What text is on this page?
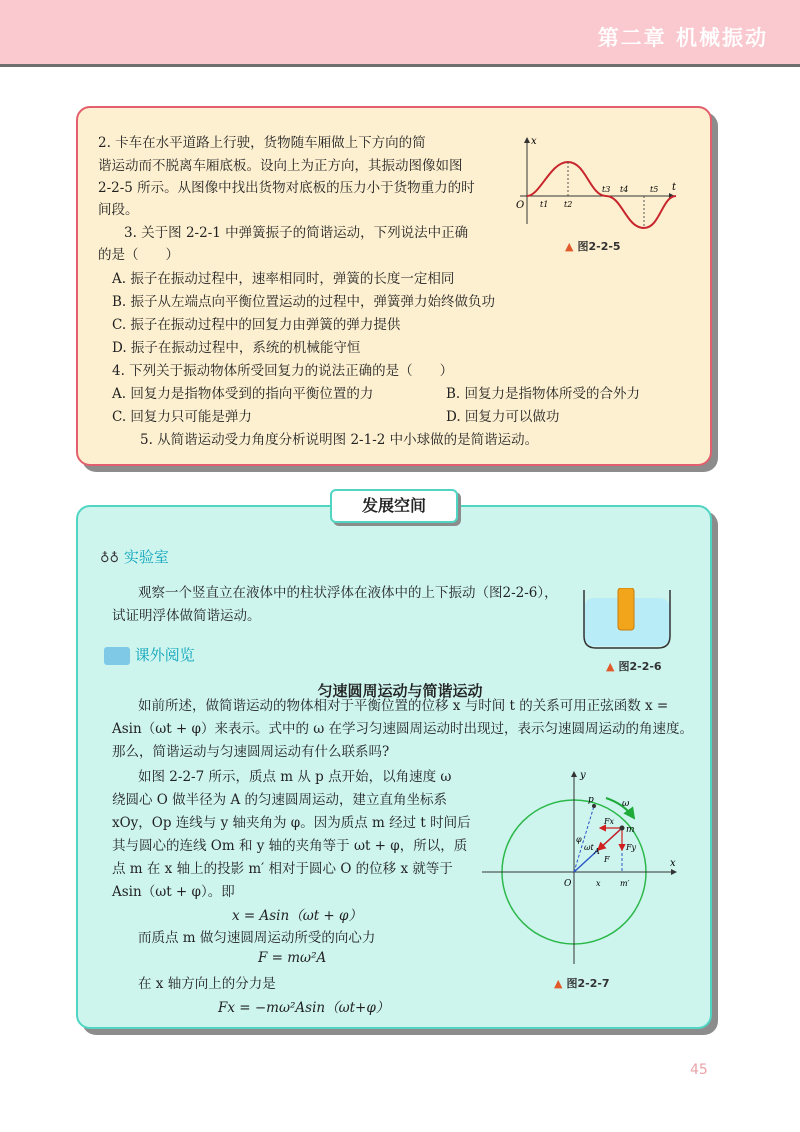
第二章 机械振动
2. 卡车在水平道路上行驶，货物随车厢做上下方向的简
谐运动而不脱离车厢底板。设向上为正方向，其振动图像如图
2-2-5 所示。从图像中找出货物对底板的压力小于货物重力的时
间段。
3. 关于图 2-2-1 中弹簧振子的简谐运动，下列说法中正确
的是（　　）
A. 振子在振动过程中，速率相同时，弹簧的长度一定相同
B. 振子从左端点向平衡位置运动的过程中，弹簧弹力始终做负功
C. 振子在振动过程中的回复力由弹簧的弹力提供
D. 振子在振动过程中，系统的机械能守恒
4. 下列关于振动物体所受回复力的说法正确的是（　　）
A. 回复力是指物体受到的指向平衡位置的力	B. 回复力是指物体所受的合外力
C. 回复力只可能是弹力	D. 回复力可以做功
5. 从简谐运动受力角度分析说明图 2-1-2 中小球做的是简谐运动。
x
t
O t1 t2
t3 t4	t5
▲ 图2-2-5
发展空间
♁♁ 实验室
观察一个竖直立在液体中的柱状浮体在液体中的上下振动（图2-2-6），
试证明浮体做简谐运动。
▲ 图2-2-6
课外阅览
匀速圆周运动与简谐运动
如前所述，做简谐运动的物体相对于平衡位置的位移 x 与时间 t 的关系可用正弦函数 x =
Asin（ωt + φ）来表示。式中的 ω 在学习匀速圆周运动时出现过，表示匀速圆周运动的角速度。
那么，简谐运动与匀速圆周运动有什么联系吗?
如图 2-2-7 所示，质点 m 从 p 点开始，以角速度 ω
绕圆心 O 做半径为 A 的匀速圆周运动，建立直角坐标系
xOy，Op 连线与 y 轴夹角为 φ。因为质点 m 经过 t 时间后
其与圆心的连线 Om 和 y 轴的夹角等于 ωt + φ，所以，质
点 m 在 x 轴上的投影 m′ 相对于圆心 O 的位移 x 就等于
Asin（ωt + φ）。即
x = Asin（ωt + φ）
而质点 m 做匀速圆周运动所受的向心力
F = mω²A
在 x 轴方向上的分力是
Fx = −mω²Asin（ωt+φ）
y
x
p	ω
m
Fx
Fy
F
A
φ
ωt
O	x m′
▲ 图2-2-7
45
